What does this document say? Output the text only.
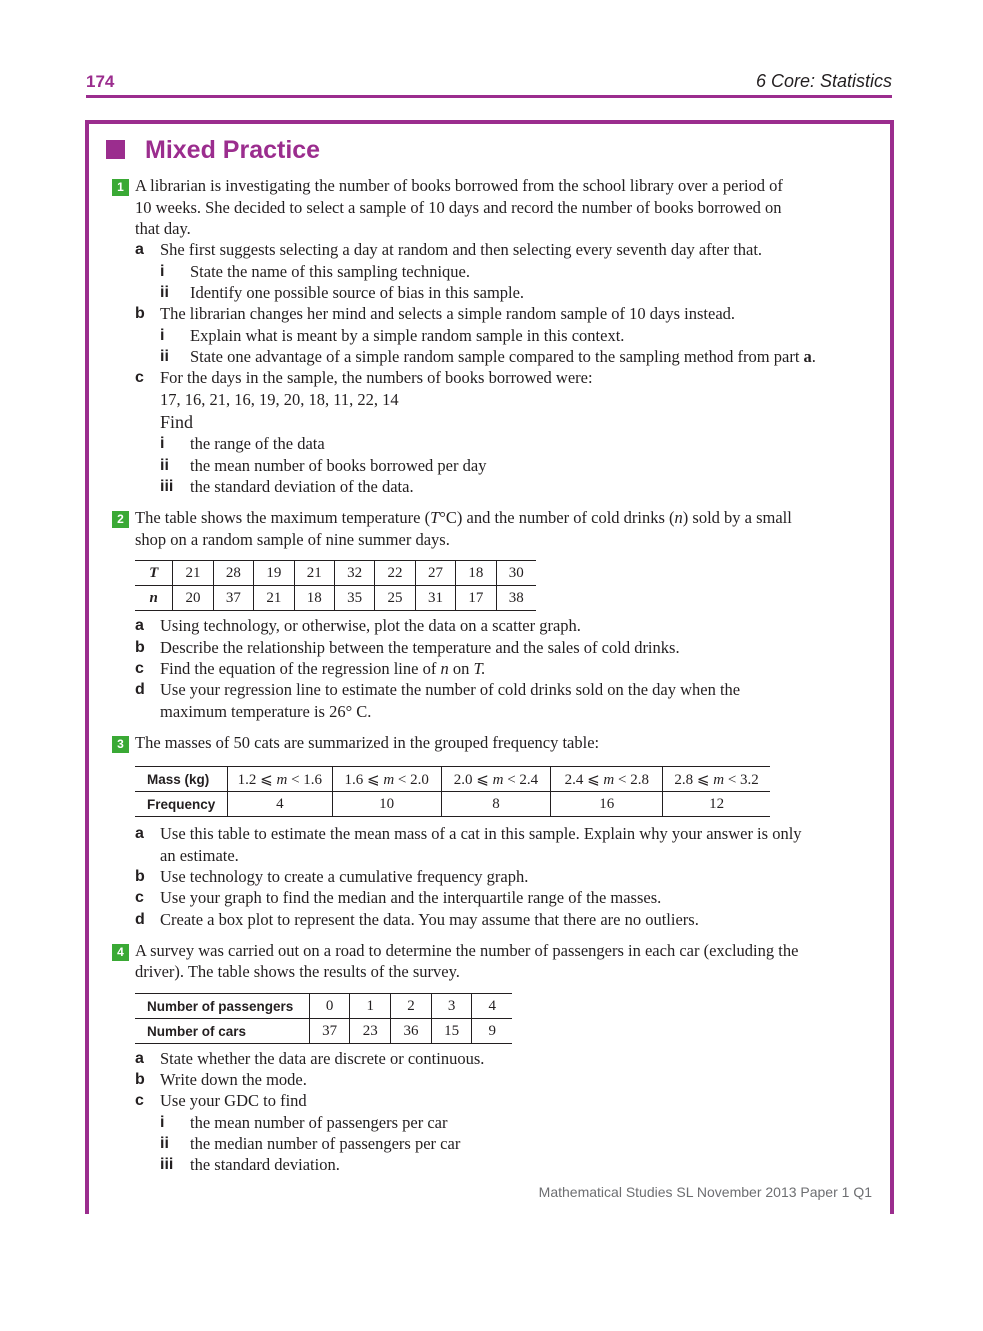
174	6 Core: Statistics
Mixed Practice
1 A librarian is investigating the number of books borrowed from the school library over a period of
10 weeks. She decided to select a sample of 10 days and record the number of books borrowed on
that day.
a She first suggests selecting a day at random and then selecting every seventh day after that.
i State the name of this sampling technique.
ii Identify one possible source of bias in this sample.
b The librarian changes her mind and selects a simple random sample of 10 days instead.
i Explain what is meant by a simple random sample in this context.
ii State one advantage of a simple random sample compared to the sampling method from part a.
c For the days in the sample, the numbers of books borrowed were:
17, 16, 21, 16, 19, 20, 18, 11, 22, 14
Find
i the range of the data
ii the mean number of books borrowed per day
iii the standard deviation of the data.
2 The table shows the maximum temperature (T°C) and the number of cold drinks (n) sold by a small
shop on a random sample of nine summer days.
T	21	28	19	21	32	22	27	18	30
n	20	37	21	18	35	25	31	17	38
a Using technology, or otherwise, plot the data on a scatter graph.
b Describe the relationship between the temperature and the sales of cold drinks.
c Find the equation of the regression line of n on T.
d Use your regression line to estimate the number of cold drinks sold on the day when the
maximum temperature is 26° C.
3 The masses of 50 cats are summarized in the grouped frequency table:
Mass (kg)	1.2 ⩽ m < 1.6	1.6 ⩽ m < 2.0	2.0 ⩽ m < 2.4	2.4 ⩽ m < 2.8	2.8 ⩽ m < 3.2
Frequency	4	10	8	16	12
a Use this table to estimate the mean mass of a cat in this sample. Explain why your answer is only
an estimate.
b Use technology to create a cumulative frequency graph.
c Use your graph to find the median and the interquartile range of the masses.
d Create a box plot to represent the data. You may assume that there are no outliers.
4 A survey was carried out on a road to determine the number of passengers in each car (excluding the
driver). The table shows the results of the survey.
Number of passengers	0	1	2	3	4
Number of cars	37	23	36	15	9
a State whether the data are discrete or continuous.
b Write down the mode.
c Use your GDC to find
i the mean number of passengers per car
ii the median number of passengers per car
iii the standard deviation.
Mathematical Studies SL November 2013 Paper 1 Q1
